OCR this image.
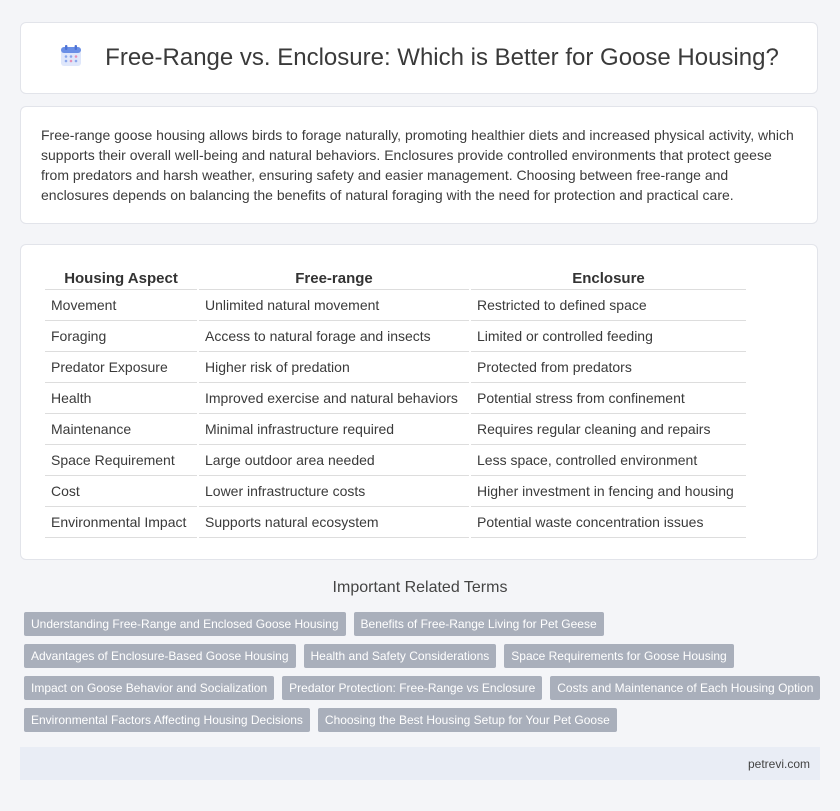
Free-Range vs. Enclosure: Which is Better for Goose Housing?

Free-range goose housing allows birds to forage naturally, promoting healthier diets and increased physical activity, which supports their overall well-being and natural behaviors. Enclosures provide controlled environments that protect geese from predators and harsh weather, ensuring safety and easier management. Choosing between free-range and enclosures depends on balancing the benefits of natural foraging with the need for protection and practical care.

Housing Aspect	Free-range	Enclosure
Movement	Unlimited natural movement	Restricted to defined space
Foraging	Access to natural forage and insects	Limited or controlled feeding
Predator Exposure	Higher risk of predation	Protected from predators
Health	Improved exercise and natural behaviors	Potential stress from confinement
Maintenance	Minimal infrastructure required	Requires regular cleaning and repairs
Space Requirement	Large outdoor area needed	Less space, controlled environment
Cost	Lower infrastructure costs	Higher investment in fencing and housing
Environmental Impact	Supports natural ecosystem	Potential waste concentration issues
Important Related Terms
Understanding Free-Range and Enclosed Goose Housing	Benefits of Free-Range Living for Pet Geese
Advantages of Enclosure-Based Goose Housing	Health and Safety Considerations	Space Requirements for Goose Housing
Impact on Goose Behavior and Socialization	Predator Protection: Free-Range vs Enclosure	Costs and Maintenance of Each Housing Option
Environmental Factors Affecting Housing Decisions	Choosing the Best Housing Setup for Your Pet Goose
petrevi.com
